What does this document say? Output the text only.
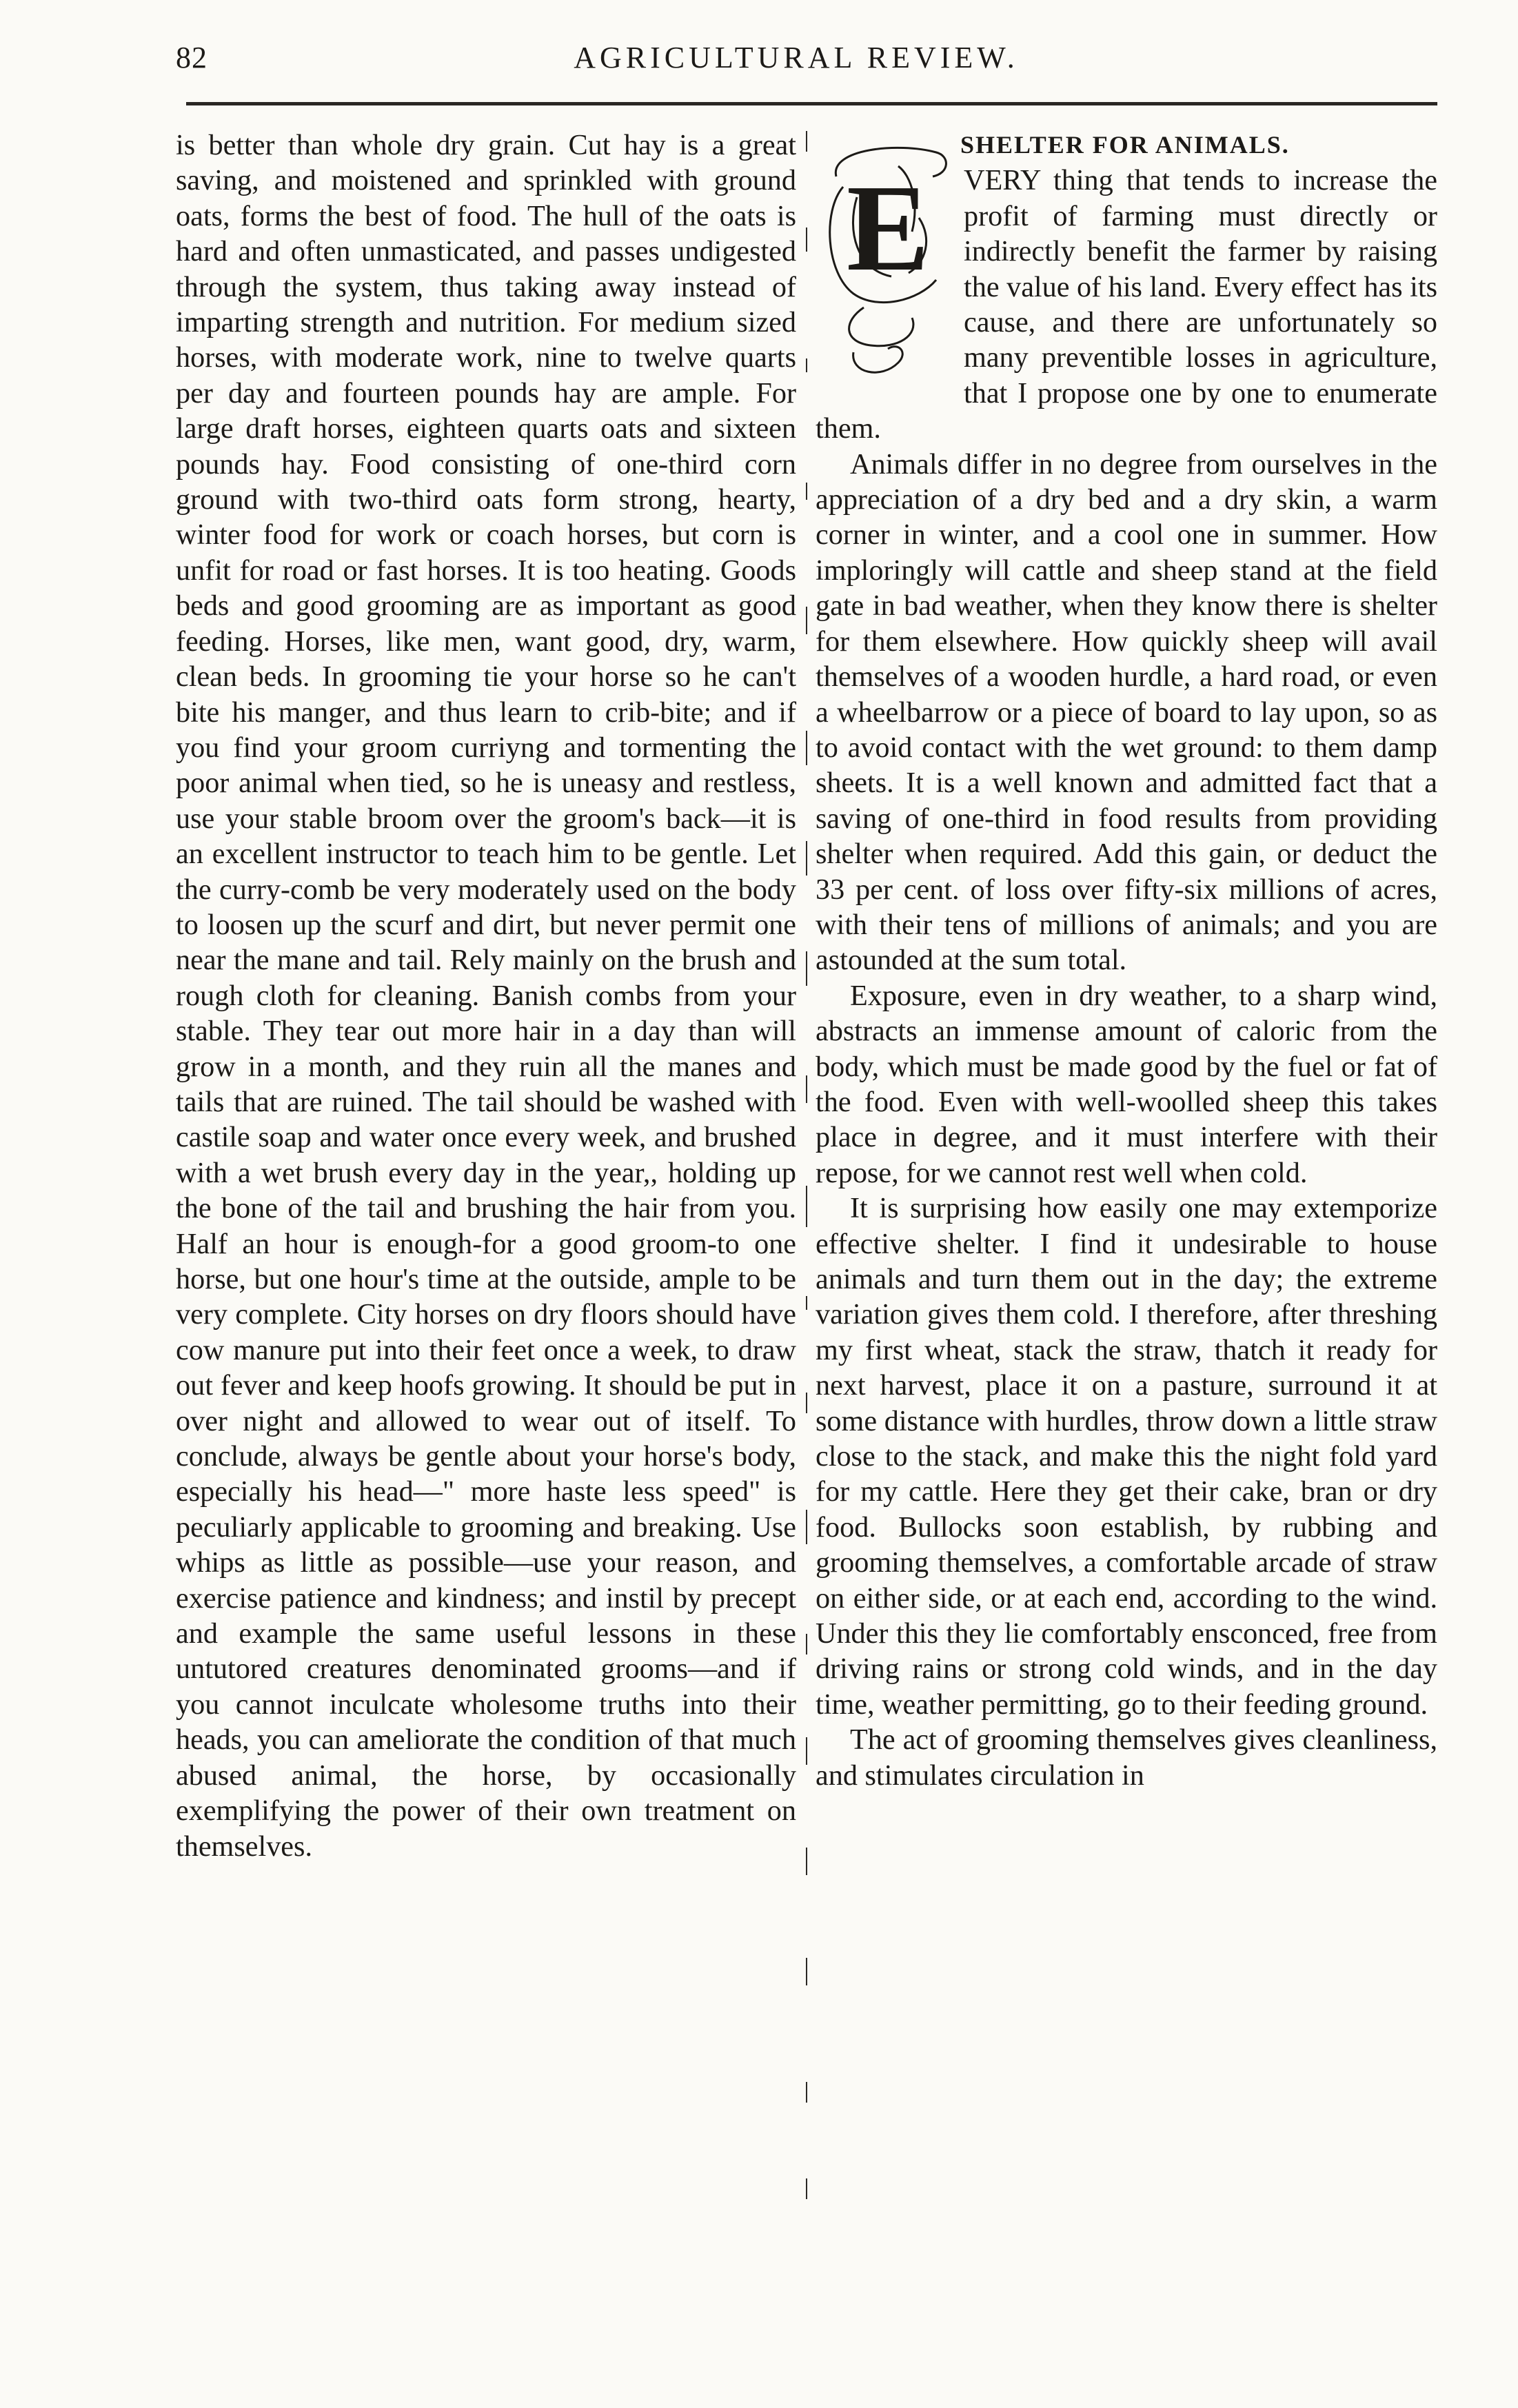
82	AGRICULTURAL REVIEW.

is better than whole dry grain. Cut hay is a great saving, and moistened and sprinkled with ground oats, forms the best of food. The hull of the oats is hard and often unmasticated, and passes undigested through the system, thus taking away instead of imparting strength and nutrition. For medium sized horses, with moderate work, nine to twelve quarts per day and fourteen pounds hay are ample. For large draft horses, eighteen quarts oats and sixteen pounds hay. Food consisting of one-third corn ground with two-third oats form strong, hearty, winter food for work or coach horses, but corn is unfit for road or fast horses. It is too heating. Goods beds and good grooming are as important as good feeding. Horses, like men, want good, dry, warm, clean beds. In grooming tie your horse so he can't bite his manger, and thus learn to crib-bite; and if you find your groom curriyng and tormenting the poor animal when tied, so he is uneasy and restless, use your stable broom over the groom's back—it is an excellent instructor to teach him to be gentle. Let the curry-comb be very moderately used on the body to loosen up the scurf and dirt, but never permit one near the mane and tail. Rely mainly on the brush and rough cloth for cleaning. Banish combs from your stable. They tear out more hair in a day than will grow in a month, and they ruin all the manes and tails that are ruined. The tail should be washed with castile soap and water once every week, and brushed with a wet brush every day in the year,, holding up the bone of the tail and brushing the hair from you. Half an hour is enough-for a good groom-to one horse, but one hour's time at the outside, ample to be very complete. City horses on dry floors should have cow manure put into their feet once a week, to draw out fever and keep hoofs growing. It should be put in over night and allowed to wear out of itself. To conclude, always be gentle about your horse's body, especially his head—" more haste less speed" is peculiarly applicable to grooming and breaking. Use whips as little as possible—use your reason, and exercise patience and kindness; and instil by precept and example the same useful lessons in these untutored creatures denominated grooms—and if you cannot inculcate wholesome truths into their heads, you can ameliorate the condition of that much abused animal, the horse, by occasionally exemplifying the power of their own treatment on themselves.

SHELTER FOR ANIMALS.
E	VERY thing that tends to increase the profit of farming must directly or indirectly benefit the farmer by raising the value of his land. Every effect has its cause, and there are unfortunately so many preventible losses in agriculture, that I propose one by one to enumerate them.

Animals differ in no degree from ourselves in the appreciation of a dry bed and a dry skin, a warm corner in winter, and a cool one in summer. How imploringly will cattle and sheep stand at the field gate in bad weather, when they know there is shelter for them elsewhere. How quickly sheep will avail themselves of a wooden hurdle, a hard road, or even a wheelbarrow or a piece of board to lay upon, so as to avoid contact with the wet ground: to them damp sheets. It is a well known and admitted fact that a saving of one-third in food results from providing shelter when required. Add this gain, or deduct the 33 per cent. of loss over fifty-six millions of acres, with their tens of millions of animals; and you are astounded at the sum total.

Exposure, even in dry weather, to a sharp wind, abstracts an immense amount of caloric from the body, which must be made good by the fuel or fat of the food. Even with well-woolled sheep this takes place in degree, and it must interfere with their repose, for we cannot rest well when cold.

It is surprising how easily one may extemporize effective shelter. I find it undesirable to house animals and turn them out in the day; the extreme variation gives them cold. I therefore, after threshing my first wheat, stack the straw, thatch it ready for next harvest, place it on a pasture, surround it at some distance with hurdles, throw down a little straw close to the stack, and make this the night fold yard for my cattle. Here they get their cake, bran or dry food. Bullocks soon establish, by rubbing and grooming themselves, a comfortable arcade of straw on either side, or at each end, according to the wind. Under this they lie comfortably ensconced, free from driving rains or strong cold winds, and in the day time, weather permitting, go to their feeding ground.

The act of grooming themselves gives cleanliness, and stimulates circulation in
